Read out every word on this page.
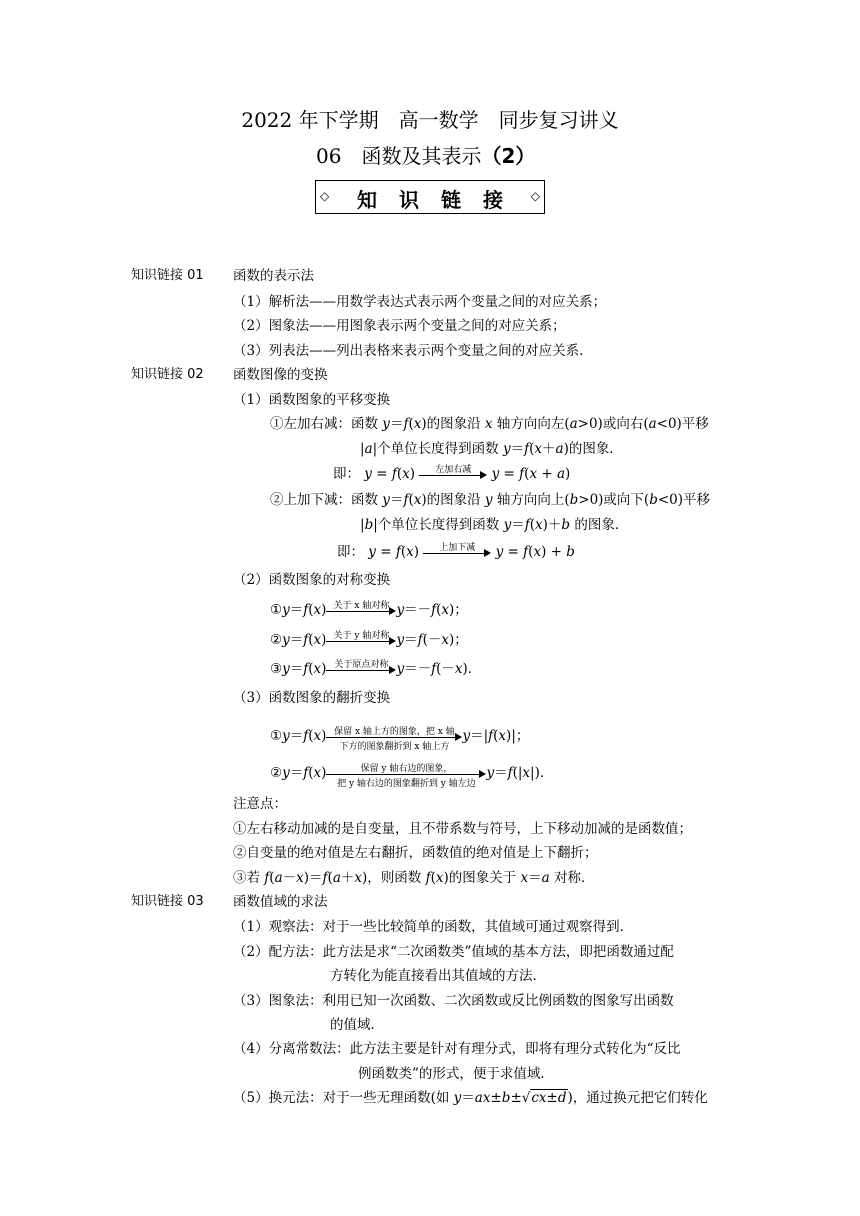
2022 年下学期　高一数学　同步复习讲义
06　 函数及其表示（2）
◇	知识链接 ◇
知识链接 01 函数的表示法
（1）解析法——用数学表达式表示两个变量之间的对应关系；
（2）图象法——用图象表示两个变量之间的对应关系；
（3）列表法——列出表格来表示两个变量之间的对应关系．
知识链接 02 函数图像的变换
（1）函数图象的平移变换
①左加右减：函数 y＝f(x)的图象沿 x 轴方向向左(a>0)或向右(a<0)平移
|a|个单位长度得到函数 y＝f(x＋a)的图象．
即： y = f(x)	左加右减	y = f(x + a)
②上加下减：函数 y＝f(x)的图象沿 y 轴方向向上(b>0)或向下(b<0)平移
|b|个单位长度得到函数 y＝f(x)＋b 的图象．
即： y = f(x)	上加下减	y = f(x) + b
（2）函数图象的对称变换
①y＝f(x) 关于 x 轴对称 y＝－f(x)；
②y＝f(x) 关于 y 轴对称 y＝f(－x)；
③y＝f(x) 关于原点对称 y＝－f(－x)．
（3）函数图象的翻折变换
①y＝f(x) 保留 x 轴上方的图象，把 x 轴
下方的图象翻折到 x 轴上方
y＝|f(x)|；
②y＝f(x)	保留 y 轴右边的图象，
把 y 轴右边的图象翻折到 y 轴左边
y＝f(|x|)．
注意点：
①左右移动加减的是自变量，且不带系数与符号，上下移动加减的是函数值；
②自变量的绝对值是左右翻折，函数值的绝对值是上下翻折；
③若 f(a－x)＝f(a＋x)，则函数 f(x)的图象关于 x＝a 对称．
知识链接 03 函数值域的求法
（1）观察法：对于一些比较简单的函数，其值域可通过观察得到．
（2）配方法：此方法是求“二次函数类”值域的基本方法，即把函数通过配
方转化为能直接看出其值域的方法．
（3）图象法：利用已知一次函数、二次函数或反比例函数的图象写出函数
的值域．
（4）分离常数法：此方法主要是针对有理分式，即将有理分式转化为“反比
例函数类”的形式，便于求值域．
（5）换元法：对于一些无理函数(如 y＝ax±b±√cx±d)，通过换元把它们转化
